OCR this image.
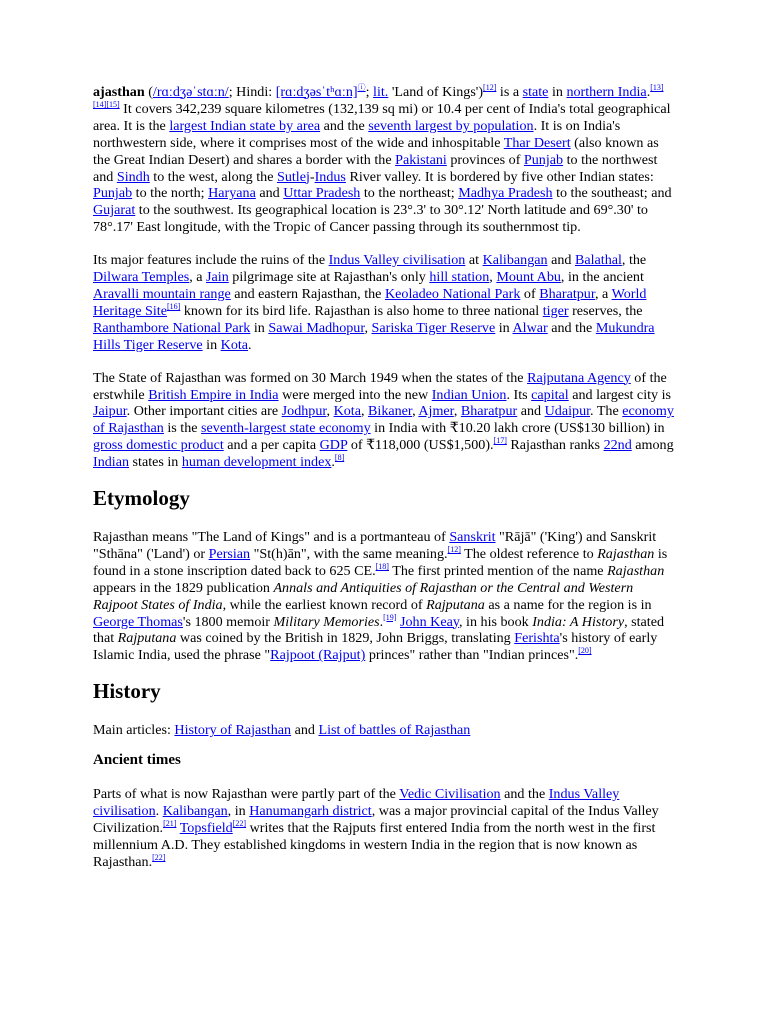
ajasthan (/rɑːdʒəˈstɑːn/; Hindi: [rɑːdʒəsˈtʰɑːn]ⓘ; lit. 'Land of Kings')[12] is a state in northern India.[13][14][15] It covers 342,239 square kilometres (132,139 sq mi) or 10.4 per cent of India's total geographical area. It is the largest Indian state by area and the seventh largest by population. It is on India's northwestern side, where it comprises most of the wide and inhospitable Thar Desert (also known as the Great Indian Desert) and shares a border with the Pakistani provinces of Punjab to the northwest and Sindh to the west, along the Sutlej-Indus River valley. It is bordered by five other Indian states: Punjab to the north; Haryana and Uttar Pradesh to the northeast; Madhya Pradesh to the southeast; and Gujarat to the southwest. Its geographical location is 23°.3' to 30°.12' North latitude and 69°.30' to 78°.17' East longitude, with the Tropic of Cancer passing through its southernmost tip.

Its major features include the ruins of the Indus Valley civilisation at Kalibangan and Balathal, the Dilwara Temples, a Jain pilgrimage site at Rajasthan's only hill station, Mount Abu, in the ancient Aravalli mountain range and eastern Rajasthan, the Keoladeo National Park of Bharatpur, a World Heritage Site[16] known for its bird life. Rajasthan is also home to three national tiger reserves, the Ranthambore National Park in Sawai Madhopur, Sariska Tiger Reserve in Alwar and the Mukundra Hills Tiger Reserve in Kota.

The State of Rajasthan was formed on 30 March 1949 when the states of the Rajputana Agency of the erstwhile British Empire in India were merged into the new Indian Union. Its capital and largest city is Jaipur. Other important cities are Jodhpur, Kota, Bikaner, Ajmer, Bharatpur and Udaipur. The economy of Rajasthan is the seventh-largest state economy in India with ₹10.20 lakh crore (US$130 billion) in gross domestic product and a per capita GDP of ₹118,000 (US$1,500).[17] Rajasthan ranks 22nd among Indian states in human development index.[8]

Etymology

Rajasthan means "The Land of Kings" and is a portmanteau of Sanskrit "Rājā" ('King') and Sanskrit "Sthāna" ('Land') or Persian "St(h)ān", with the same meaning.[12] The oldest reference to Rajasthan is found in a stone inscription dated back to 625 CE.[18] The first printed mention of the name Rajasthan appears in the 1829 publication Annals and Antiquities of Rajasthan or the Central and Western Rajpoot States of India, while the earliest known record of Rajputana as a name for the region is in George Thomas's 1800 memoir Military Memories.[19] John Keay, in his book India: A History, stated that Rajputana was coined by the British in 1829, John Briggs, translating Ferishta's history of early Islamic India, used the phrase "Rajpoot (Rajput) princes" rather than "Indian princes".[20]

History

Main articles: History of Rajasthan and List of battles of Rajasthan

Ancient times

Parts of what is now Rajasthan were partly part of the Vedic Civilisation and the Indus Valley civilisation. Kalibangan, in Hanumangarh district, was a major provincial capital of the Indus Valley Civilization.[21] Topsfield[22] writes that the Rajputs first entered India from the north west in the first millennium A.D. They established kingdoms in western India in the region that is now known as Rajasthan.[22]
